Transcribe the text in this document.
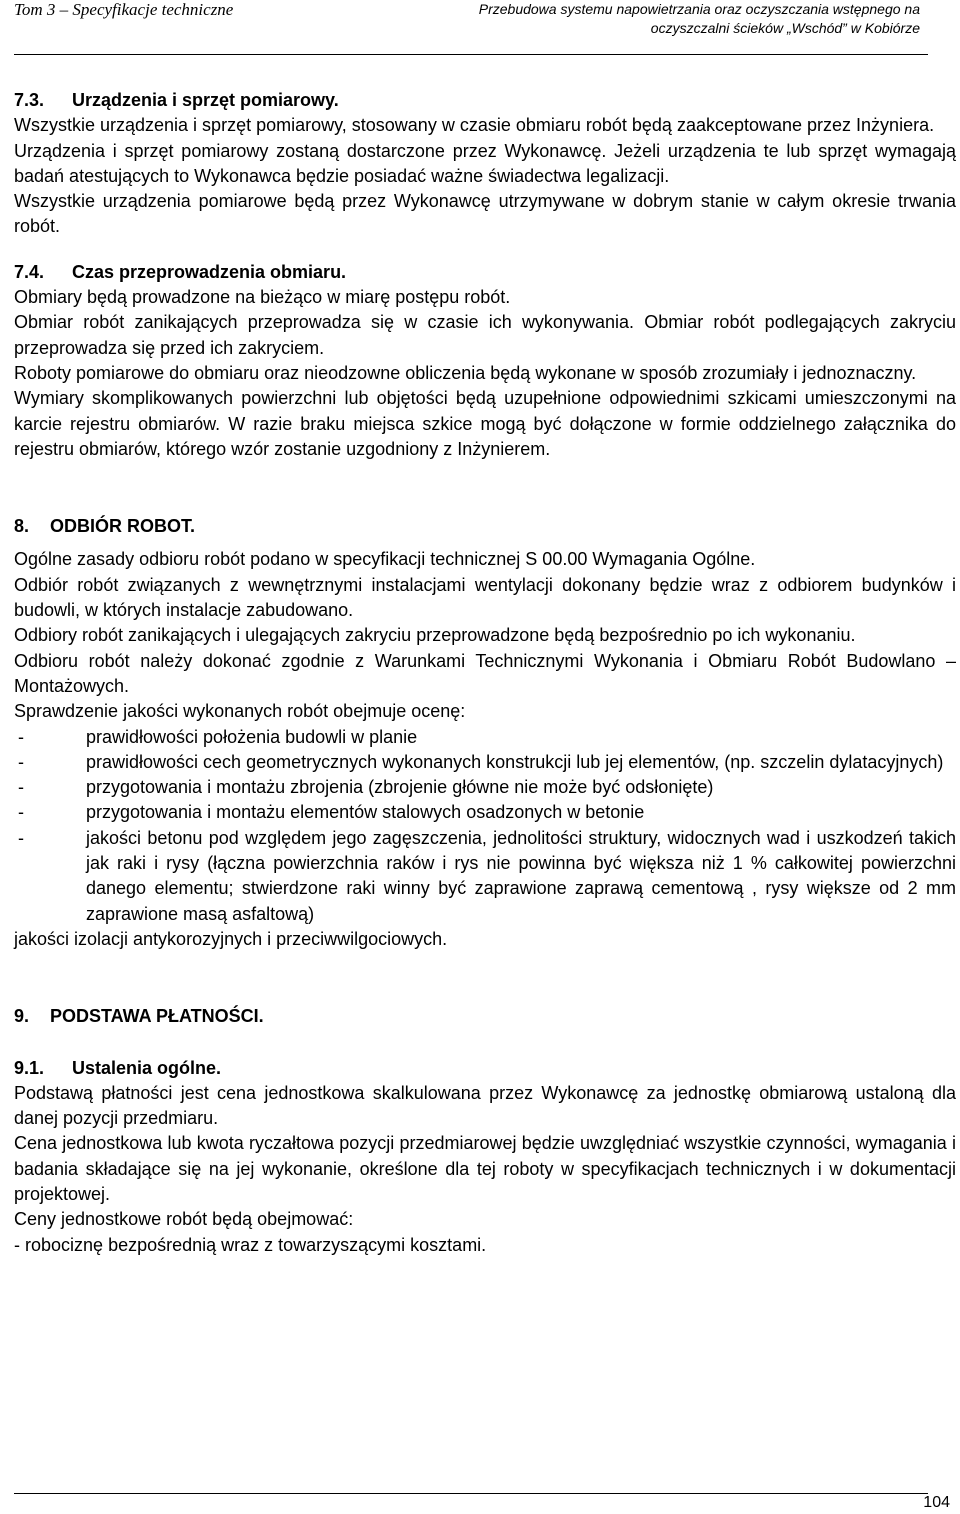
Tom 3 – Specyfikacje techniczne	Przebudowa systemu napowietrzania oraz oczyszczania wstępnego na
oczyszczalni ścieków „Wschód” w Kobiórze
7.3. Urządzenia i sprzęt pomiarowy.

Wszystkie urządzenia i sprzęt pomiarowy, stosowany w czasie obmiaru robót będą zaakceptowane przez Inżyniera.

Urządzenia i sprzęt pomiarowy zostaną dostarczone przez Wykonawcę. Jeżeli urządzenia te lub sprzęt wymagają badań atestujących to Wykonawca będzie posiadać ważne świadectwa legalizacji.

Wszystkie urządzenia pomiarowe będą przez Wykonawcę utrzymywane w dobrym stanie w całym okresie trwania robót.

7.4. Czas przeprowadzenia obmiaru.

Obmiary będą prowadzone na bieżąco w miarę postępu robót.

Obmiar robót zanikających przeprowadza się w czasie ich wykonywania. Obmiar robót podlegających zakryciu przeprowadza się przed ich zakryciem.

Roboty pomiarowe do obmiaru oraz nieodzowne obliczenia będą wykonane w sposób zrozumiały i jednoznaczny.

Wymiary skomplikowanych powierzchni lub objętości będą uzupełnione odpowiednimi szkicami umieszczonymi na karcie rejestru obmiarów. W razie braku miejsca szkice mogą być dołączone w formie oddzielnego załącznika do rejestru obmiarów, którego wzór zostanie uzgodniony z Inżynierem.

8. ODBIÓR ROBOT.

Ogólne zasady odbioru robót podano w specyfikacji technicznej S 00.00 Wymagania Ogólne.

Odbiór robót związanych z wewnętrznymi instalacjami wentylacji dokonany będzie wraz z odbiorem budynków i budowli, w których instalacje zabudowano.

Odbiory robót zanikających i ulegających zakryciu przeprowadzone będą bezpośrednio po ich wykonaniu.

Odbioru robót należy dokonać zgodnie z Warunkami Technicznymi Wykonania i Obmiaru Robót Budowlano – Montażowych.

Sprawdzenie jakości wykonanych robót obejmuje ocenę:

-	prawidłowości położenia budowli w planie
-	prawidłowości cech geometrycznych wykonanych konstrukcji lub jej elementów, (np. szczelin dylatacyjnych)
-	przygotowania i montażu zbrojenia (zbrojenie główne nie może być odsłonięte)
-	przygotowania i montażu elementów stalowych osadzonych w betonie
-	jakości betonu pod względem jego zagęszczenia, jednolitości struktury, widocznych wad i uszkodzeń takich jak raki i rysy (łączna powierzchnia raków i rys nie powinna być większa niż 1 % całkowitej powierzchni danego elementu; stwierdzone raki winny być zaprawione zaprawą cementową , rysy większe od 2 mm zaprawione masą asfaltową)

jakości izolacji antykorozyjnych i przeciwwilgociowych.

9. PODSTAWA PŁATNOŚCI.
9.1. Ustalenia ogólne.

Podstawą płatności jest cena jednostkowa skalkulowana przez Wykonawcę za jednostkę obmiarową ustaloną dla danej pozycji przedmiaru.

Cena jednostkowa lub kwota ryczałtowa pozycji przedmiarowej będzie uwzględniać wszystkie czynności, wymagania i badania składające się na jej wykonanie, określone dla tej roboty w specyfikacjach technicznych i w dokumentacji projektowej.

Ceny jednostkowe robót będą obejmować:

- robociznę bezpośrednią wraz z towarzyszącymi kosztami.

104
